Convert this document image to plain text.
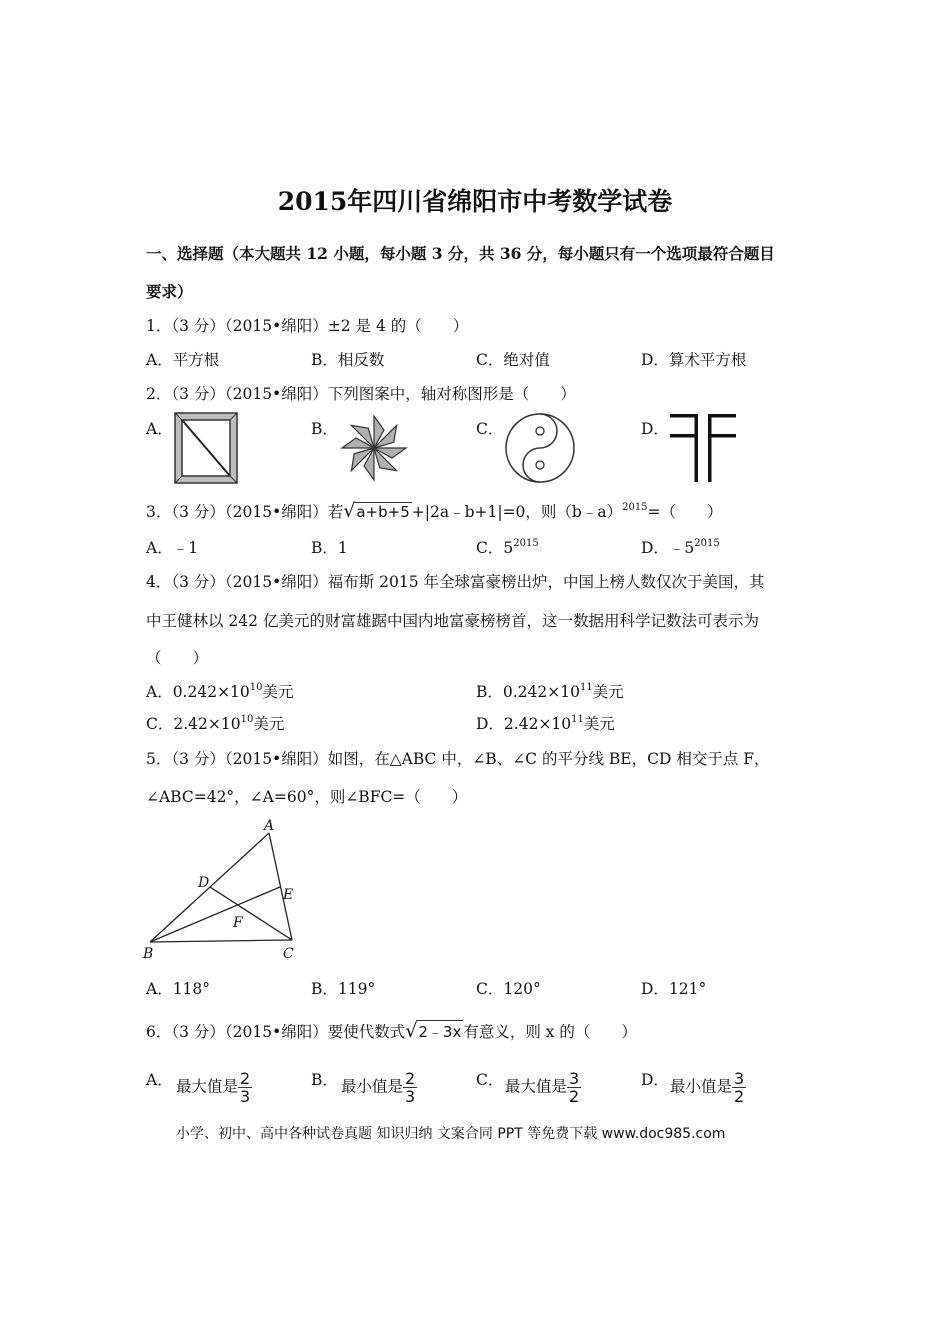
2015年四川省绵阳市中考数学试卷
一、选择题（本大题共 12 小题，每小题 3 分，共 36 分，每小题只有一个选项最符合题目
要求）
1．（3 分）（2015•绵阳）±2 是 4 的（　　）
A．平方根	B．相反数	C．绝对值	D．算术平方根
2．（3 分）（2015•绵阳）下列图案中，轴对称图形是（　　）
A．	B．	C．	D．
3．（3 分）（2015•绵阳）若√a+b+5 +|2a﹣b+1|=0，则（b﹣a）$^{2015}$=（　　）
A．﹣1	B．1	C．$5^{2015}$	D．$﹣5^{2015}$
4．（3 分）（2015•绵阳）福布斯 2015 年全球富豪榜出炉，中国上榜人数仅次于美国，其
中王健林以 242 亿美元的财富雄踞中国内地富豪榜榜首，这一数据用科学记数法可表示为
（　　）
A．$0.242\times 10^{10}$美元	B．$0.242\times 10^{11}$美元
C．$2.42\times 10^{10}$美元	D．$2.42\times 10^{11}$美元
5．（3 分）（2015•绵阳）如图，在△ABC 中，∠B、∠C 的平分线 BE，CD 相交于点 F，
∠ABC=42°，∠A=60°，则∠BFC=（　　）
A
B	C
D
E
F
A．118°	B．119°	C．120°	D．121°
6．（3 分）（2015•绵阳）要使代数式√2﹣3x 有意义，则 x 的（　　）
A． 最大值是 $\frac{2}{3}$	B． 最小值是 $\frac{2}{3}$	C． 最大值是 $\frac{3}{2}$	D． 最小值是 $\frac{3}{2}$
小学、初中、高中各种试卷真题 知识归纳 文案合同 PPT 等免费下载 www.doc985.com
